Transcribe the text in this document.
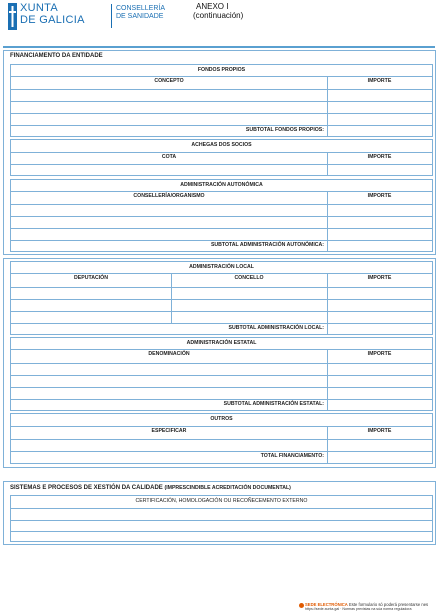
XUNTA
DE GALICIA
CONSELLERÍA
DE SANIDADE
ANEXO I
(continuación)
FINANCIAMENTO DA ENTIDADE
FONDOS PROPIOS
CONCEPTO	IMPORTE
SUBTOTAL FONDOS PROPIOS:
ACHEGAS DOS SOCIOS
COTA	IMPORTE
ADMINISTRACIÓN AUTONÓMICA
CONSELLERÍA/ORGANISMO	IMPORTE
SUBTOTAL ADMINISTRACIÓN AUTONÓMICA:
ADMINISTRACIÓN LOCAL
DEPUTACIÓN	CONCELLO	IMPORTE
SUBTOTAL ADMINISTRACIÓN LOCAL:
ADMINISTRACIÓN ESTATAL
DENOMINACIÓN	IMPORTE
SUBTOTAL ADMINISTRACIÓN ESTATAL:
OUTROS
ESPECIFICAR	IMPORTE
TOTAL FINANCIAMENTO:
SISTEMAS E PROCESOS DE XESTIÓN DA CALIDADE (IMPRESCINDIBLE ACREDITACIÓN DOCUMENTAL)
CERTIFICACIÓN, HOMOLOGACIÓN OU RECOÑECEMENTO EXTERNO
SEDE ELECTRÓNICA Este formulario só poderá presentarse nes
https://sede.xunta.gal · Normas previstas na súa norma reguladora
